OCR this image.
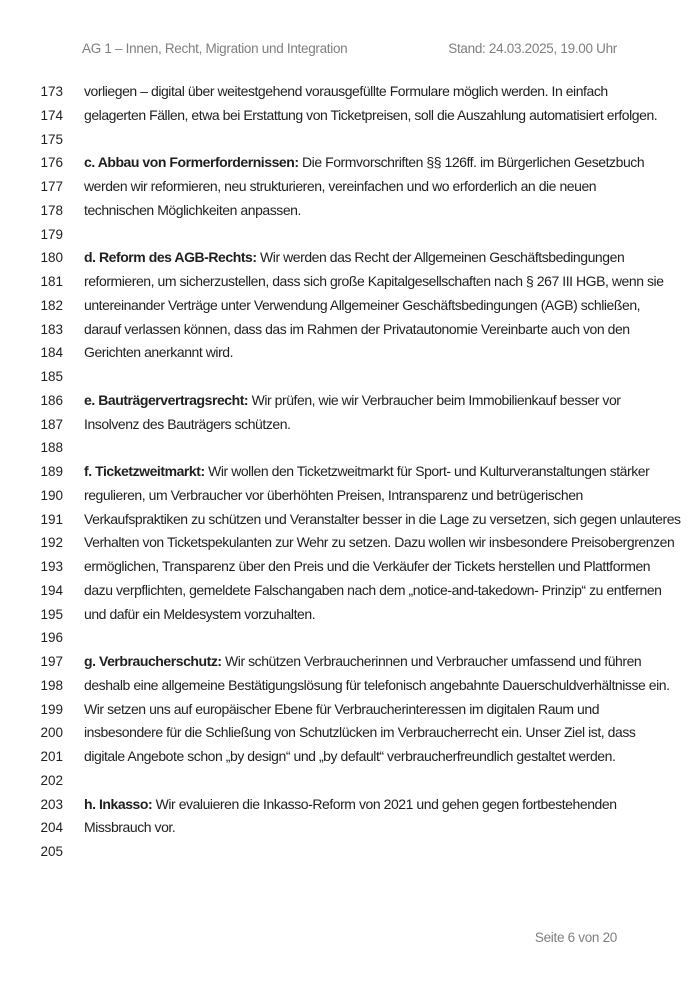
AG 1 – Innen, Recht, Migration und Integration	Stand: 24.03.2025, 19.00 Uhr
173 vorliegen – digital über weitestgehend vorausgefüllte Formulare möglich werden. In einfach
174 gelagerten Fällen, etwa bei Erstattung von Ticketpreisen, soll die Auszahlung automatisiert erfolgen.
175
176 c. Abbau von Formerfordernissen: Die Formvorschriften §§ 126ff. im Bürgerlichen Gesetzbuch
177 werden wir reformieren, neu strukturieren, vereinfachen und wo erforderlich an die neuen
178 technischen Möglichkeiten anpassen.
179
180 d. Reform des AGB-Rechts: Wir werden das Recht der Allgemeinen Geschäftsbedingungen
181 reformieren, um sicherzustellen, dass sich große Kapitalgesellschaften nach § 267 III HGB, wenn sie
182 untereinander Verträge unter Verwendung Allgemeiner Geschäftsbedingungen (AGB) schließen,
183 darauf verlassen können, dass das im Rahmen der Privatautonomie Vereinbarte auch von den
184 Gerichten anerkannt wird.
185
186 e. Bauträgervertragsrecht: Wir prüfen, wie wir Verbraucher beim Immobilienkauf besser vor
187 Insolvenz des Bauträgers schützen.
188
189 f. Ticketzweitmarkt: Wir wollen den Ticketzweitmarkt für Sport- und Kulturveranstaltungen stärker
190 regulieren, um Verbraucher vor überhöhten Preisen, Intransparenz und betrügerischen
191 Verkaufspraktiken zu schützen und Veranstalter besser in die Lage zu versetzen, sich gegen unlauteres
192 Verhalten von Ticketspekulanten zur Wehr zu setzen. Dazu wollen wir insbesondere Preisobergrenzen
193 ermöglichen, Transparenz über den Preis und die Verkäufer der Tickets herstellen und Plattformen
194 dazu verpflichten, gemeldete Falschangaben nach dem „notice-and-takedown- Prinzip“ zu entfernen
195 und dafür ein Meldesystem vorzuhalten.
196
197 g. Verbraucherschutz: Wir schützen Verbraucherinnen und Verbraucher umfassend und führen
198 deshalb eine allgemeine Bestätigungslösung für telefonisch angebahnte Dauerschuldverhältnisse ein.
199 Wir setzen uns auf europäischer Ebene für Verbraucherinteressen im digitalen Raum und
200 insbesondere für die Schließung von Schutzlücken im Verbraucherrecht ein. Unser Ziel ist, dass
201 digitale Angebote schon „by design“ und „by default“ verbraucherfreundlich gestaltet werden.
202
203 h. Inkasso: Wir evaluieren die Inkasso-Reform von 2021 und gehen gegen fortbestehenden
204 Missbrauch vor.
205
Seite 6 von 20
